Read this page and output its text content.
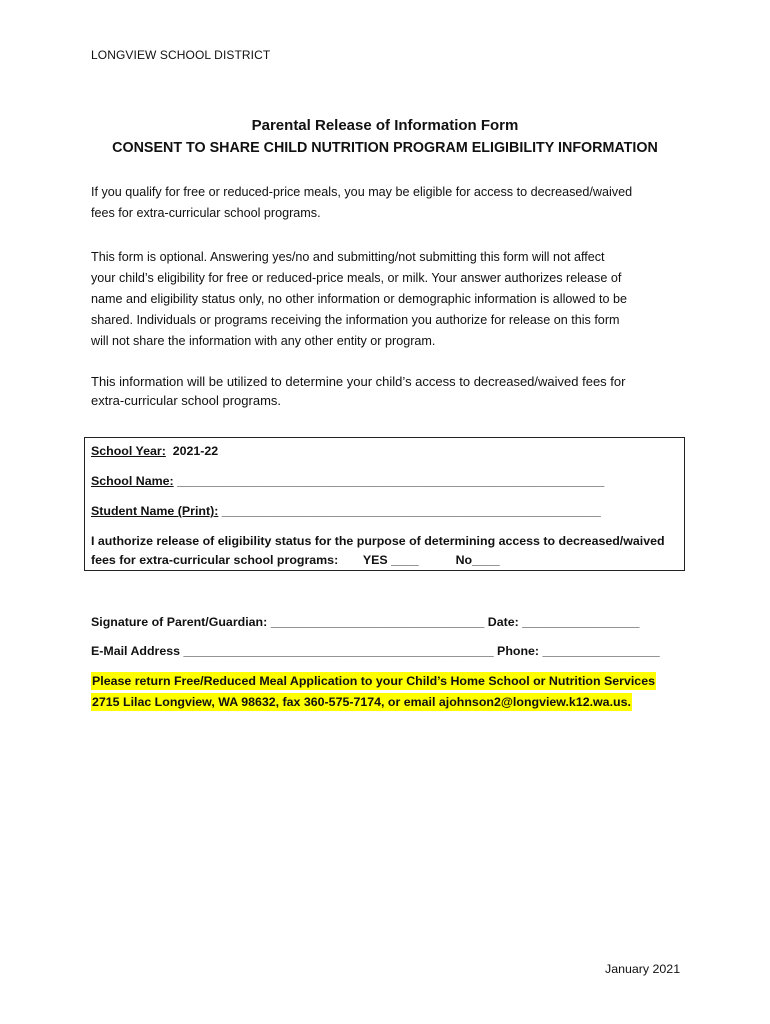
LONGVIEW SCHOOL DISTRICT
Parental Release of Information Form
CONSENT TO SHARE CHILD NUTRITION PROGRAM ELIGIBILITY INFORMATION
If you qualify for free or reduced-price meals, you may be eligible for access to decreased/waived
fees for extra-curricular school programs.
This form is optional. Answering yes/no and submitting/not submitting this form will not affect
your child’s eligibility for free or reduced-price meals, or milk. Your answer authorizes release of
name and eligibility status only, no other information or demographic information is allowed to be
shared. Individuals or programs receiving the information you authorize for release on this form
will not share the information with any other entity or program.
This information will be utilized to determine your child’s access to decreased/waived fees for
extra-curricular school programs.
School Year:  2021-22
School Name: ______________________________________________________________
Student Name (Print): _______________________________________________________
I authorize release of eligibility status for the purpose of determining access to decreased/waived
fees for extra-curricular school programs: YES ____	No____
Signature of Parent/Guardian: _______________________________ Date: _________________
E-Mail Address _____________________________________________ Phone: _________________
Please return Free/Reduced Meal Application to your Child’s Home School or Nutrition Services
2715 Lilac Longview, WA 98632, fax 360-575-7174, or email ajohnson2@longview.k12.wa.us.
January 2021
